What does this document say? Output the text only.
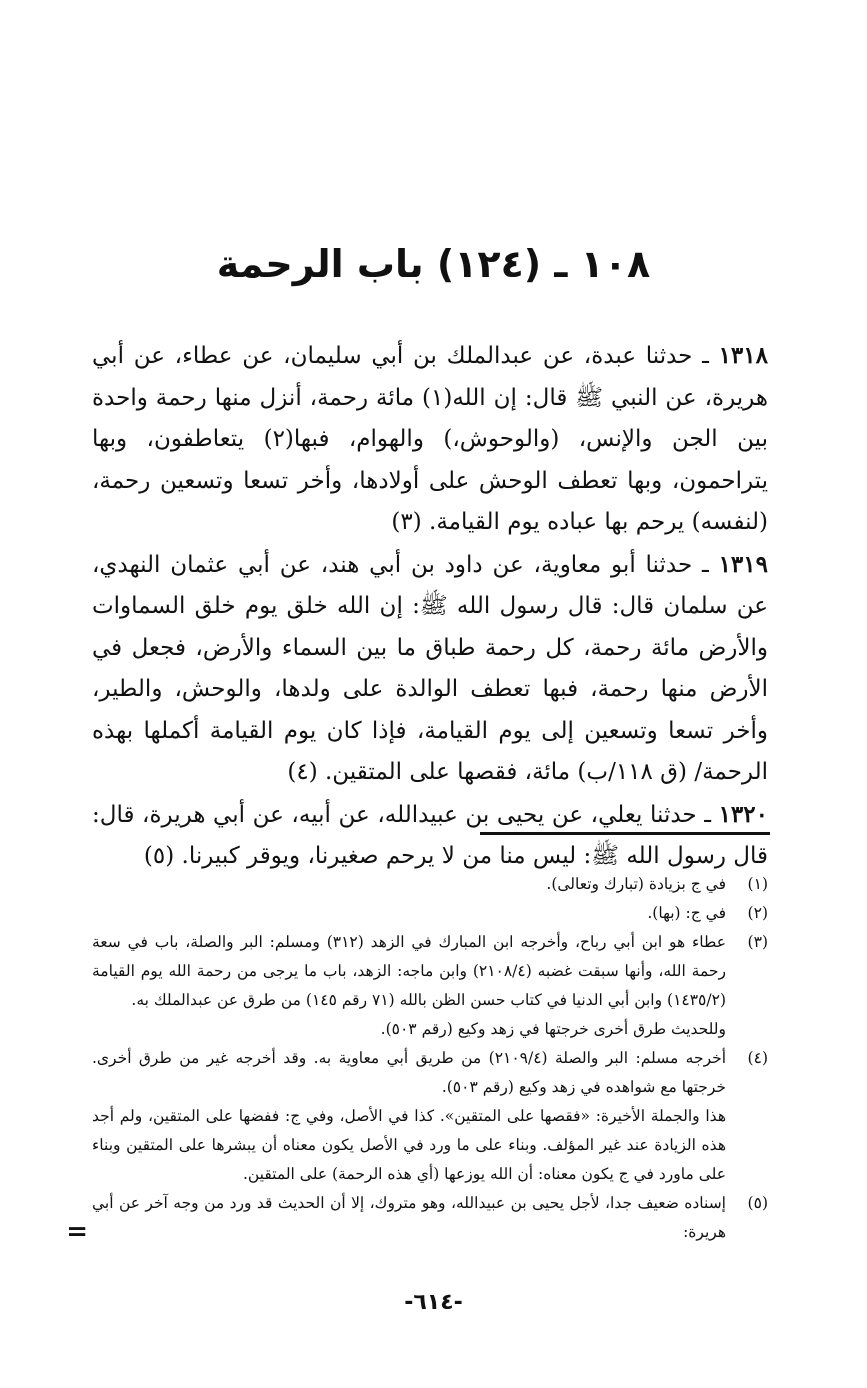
١٠٨ ـ (١٢٤) باب الرحمة

١٣١٨ ـ حدثنا عبدة، عن عبدالملك بن أبي سليمان، عن عطاء، عن أبي هريرة، عن النبي ﷺ قال: إن الله(١) مائة رحمة، أنزل منها رحمة واحدة بين الجن والإنس، (والوحوش،) والهوام، فبها(٢) يتعاطفون، وبها يتراحمون، وبها تعطف الوحش على أولادها، وأخر تسعا وتسعين رحمة، (لنفسه) يرحم بها عباده يوم القيامة. (٣)

١٣١٩ ـ حدثنا أبو معاوية، عن داود بن أبي هند، عن أبي عثمان النهدي، عن سلمان قال: قال رسول الله ﷺ: إن الله خلق يوم خلق السماوات والأرض مائة رحمة، كل رحمة طباق ما بين السماء والأرض، فجعل في الأرض منها رحمة، فبها تعطف الوالدة على ولدها، والوحش، والطير، وأخر تسعا وتسعين إلى يوم القيامة، فإذا كان يوم القيامة أكملها بهذه الرحمة/ (ق ١١٨/ب) مائة، فقصها على المتقين. (٤)

١٣٢٠ ـ حدثنا يعلي، عن يحيى بن عبيدالله، عن أبيه، عن أبي هريرة، قال: قال رسول الله ﷺ: ليس منا من لا يرحم صغيرنا، ويوقر كبيرنا. (٥)

(١)

في ج بزيادة (تبارك وتعالى).

(٢)

في ج: (بها).

(٣)

عطاء هو ابن أبي رباح، وأخرجه ابن المبارك في الزهد (٣١٢) ومسلم: البر والصلة، باب في سعة رحمة الله، وأنها سبقت غضبه (٢١٠٨/٤) وابن ماجه: الزهد، باب ما يرجى من رحمة الله يوم القيامة (١٤٣٥/٢) وابن أبي الدنيا في كتاب حسن الظن بالله (٧١ رقم ١٤٥) من طرق عن عبدالملك به.

وللحديث طرق أخرى خرجتها في زهد وكيع (رقم ٥٠٣).

(٤)

أخرجه مسلم: البر والصلة (٢١٠٩/٤) من طريق أبي معاوية به. وقد أخرجه غير من طرق أخرى. خرجتها مع شواهده في زهد وكيع (رقم ٥٠٣).

هذا والجملة الأخيرة: «فقصها على المتقين». كذا في الأصل، وفي ج: ففضها على المتقين، ولم أجد هذه الزيادة عند غير المؤلف. وبناء على ما ورد في الأصل يكون معناه أن يبشرها على المتقين وبناء على ماورد في ج يكون معناه: أن الله يوزعها (أي هذه الرحمة) على المتقين.

(٥)

إسناده ضعيف جدا، لأجل يحيى بن عبيدالله، وهو متروك، إلا أن الحديث قد ورد من وجه آخر عن أبي هريرة:

=
-٦١٤-
